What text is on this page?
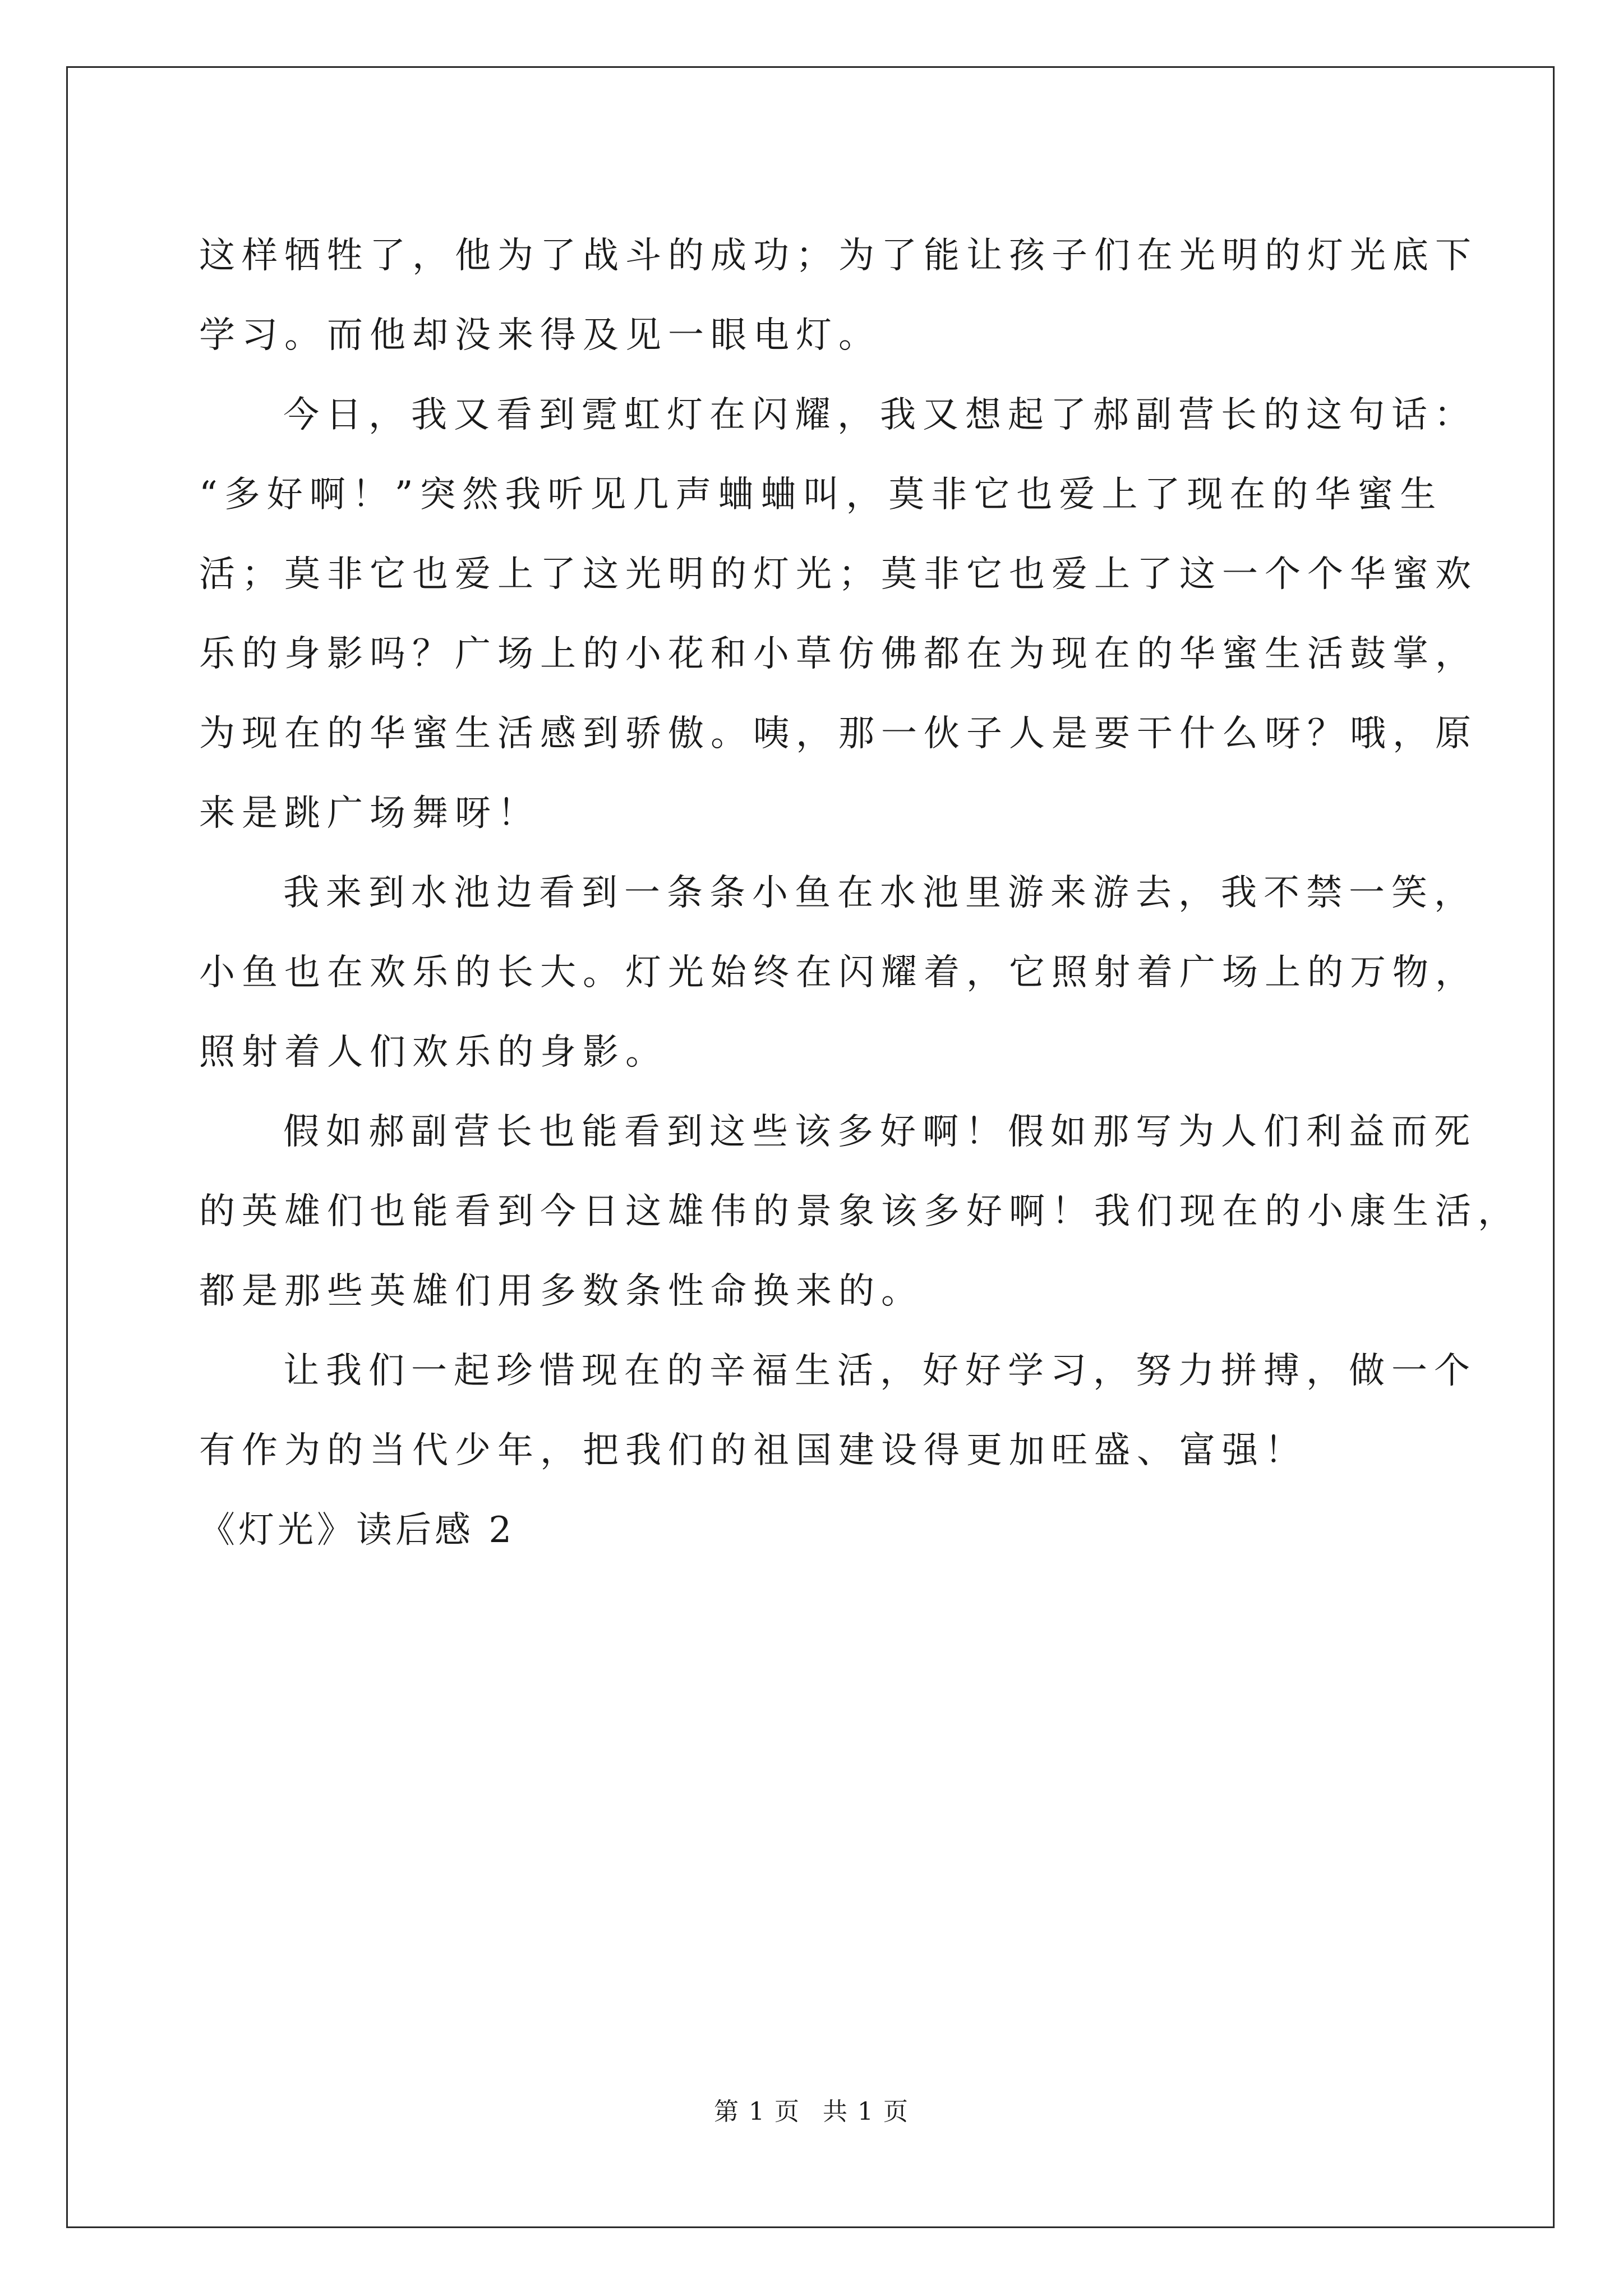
这样牺牲了，他为了战斗的成功；为了能让孩子们在光明的灯光底下
学习。而他却没来得及见一眼电灯。

今日，我又看到霓虹灯在闪耀，我又想起了郝副营长的这句话：
“多好啊！”突然我听见几声蛐蛐叫，莫非它也爱上了现在的华蜜生
活；莫非它也爱上了这光明的灯光；莫非它也爱上了这一个个华蜜欢
乐的身影吗？广场上的小花和小草仿佛都在为现在的华蜜生活鼓掌，
为现在的华蜜生活感到骄傲。咦，那一伙子人是要干什么呀？哦，原
来是跳广场舞呀！

我来到水池边看到一条条小鱼在水池里游来游去，我不禁一笑，
小鱼也在欢乐的长大。灯光始终在闪耀着，它照射着广场上的万物，
照射着人们欢乐的身影。

假如郝副营长也能看到这些该多好啊！假如那写为人们利益而死
的英雄们也能看到今日这雄伟的景象该多好啊！我们现在的小康生活，
都是那些英雄们用多数条性命换来的。

让我们一起珍惜现在的辛福生活，好好学习，努力拼搏，做一个
有作为的当代少年，把我们的祖国建设得更加旺盛、富强！

《灯光》读后感 2

第 1 页 共 1 页
